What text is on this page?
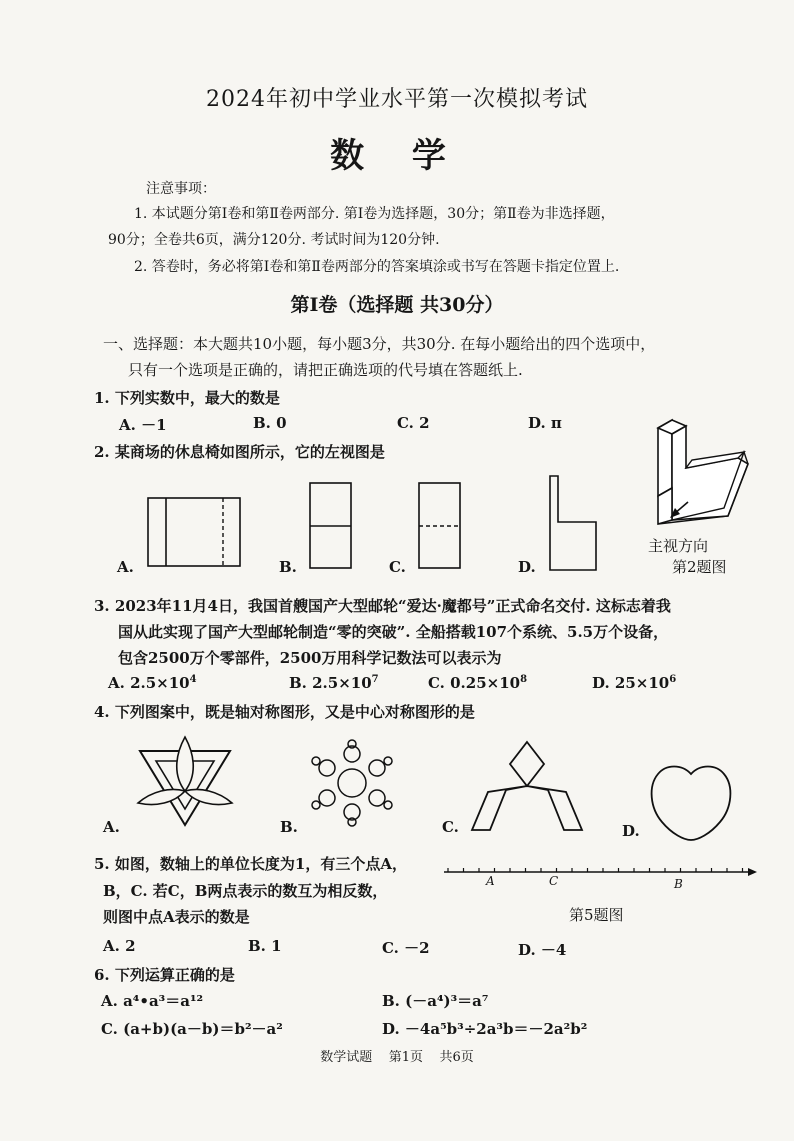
2024年初中学业水平第一次模拟考试
数 学
注意事项：
1. 本试题分第Ⅰ卷和第Ⅱ卷两部分. 第Ⅰ卷为选择题，30分；第Ⅱ卷为非选择题，
90分；全卷共6页，满分120分. 考试时间为120分钟.
2. 答卷时，务必将第Ⅰ卷和第Ⅱ卷两部分的答案填涂或书写在答题卡指定位置上.
第Ⅰ卷（选择题 共30分）
一、选择题：本大题共10小题，每小题3分，共30分. 在每小题给出的四个选项中，
只有一个选项是正确的，请把正确选项的代号填在答题纸上.
1. 下列实数中，最大的数是
A. －1	B. 0	C. 2	D. π
2. 某商场的休息椅如图所示，它的左视图是
主视方向
第2题图
A.	B.	C.	D.
3. 2023年11月4日，我国首艘国产大型邮轮“爱达·魔都号”正式命名交付. 这标志着我
国从此实现了国产大型邮轮制造“零的突破”. 全船搭载107个系统、5.5万个设备，
包含2500万个零部件，2500万用科学记数法可以表示为
A. $2.5\times 10^4$	B. $2.5\times 10^7$	C. $0.25\times 10^8$	D. $25\times 10^6$
4. 下列图案中，既是轴对称图形，又是中心对称图形的是
A.	B.	C.	D.
5. 如图，数轴上的单位长度为1，有三个点A，
B，C. 若C，B两点表示的数互为相反数，
则图中点A表示的数是
A	C	B
第5题图
A. 2	B. 1	C. －2	D. －4
6. 下列运算正确的是
A. a⁴•a³＝a¹²	B. (－a⁴)³＝a⁷
C. (a+b)(a－b)＝b²－a²	D. －4a⁵b³÷2a³b＝－2a²b²
数学试题    第1页    共6页
